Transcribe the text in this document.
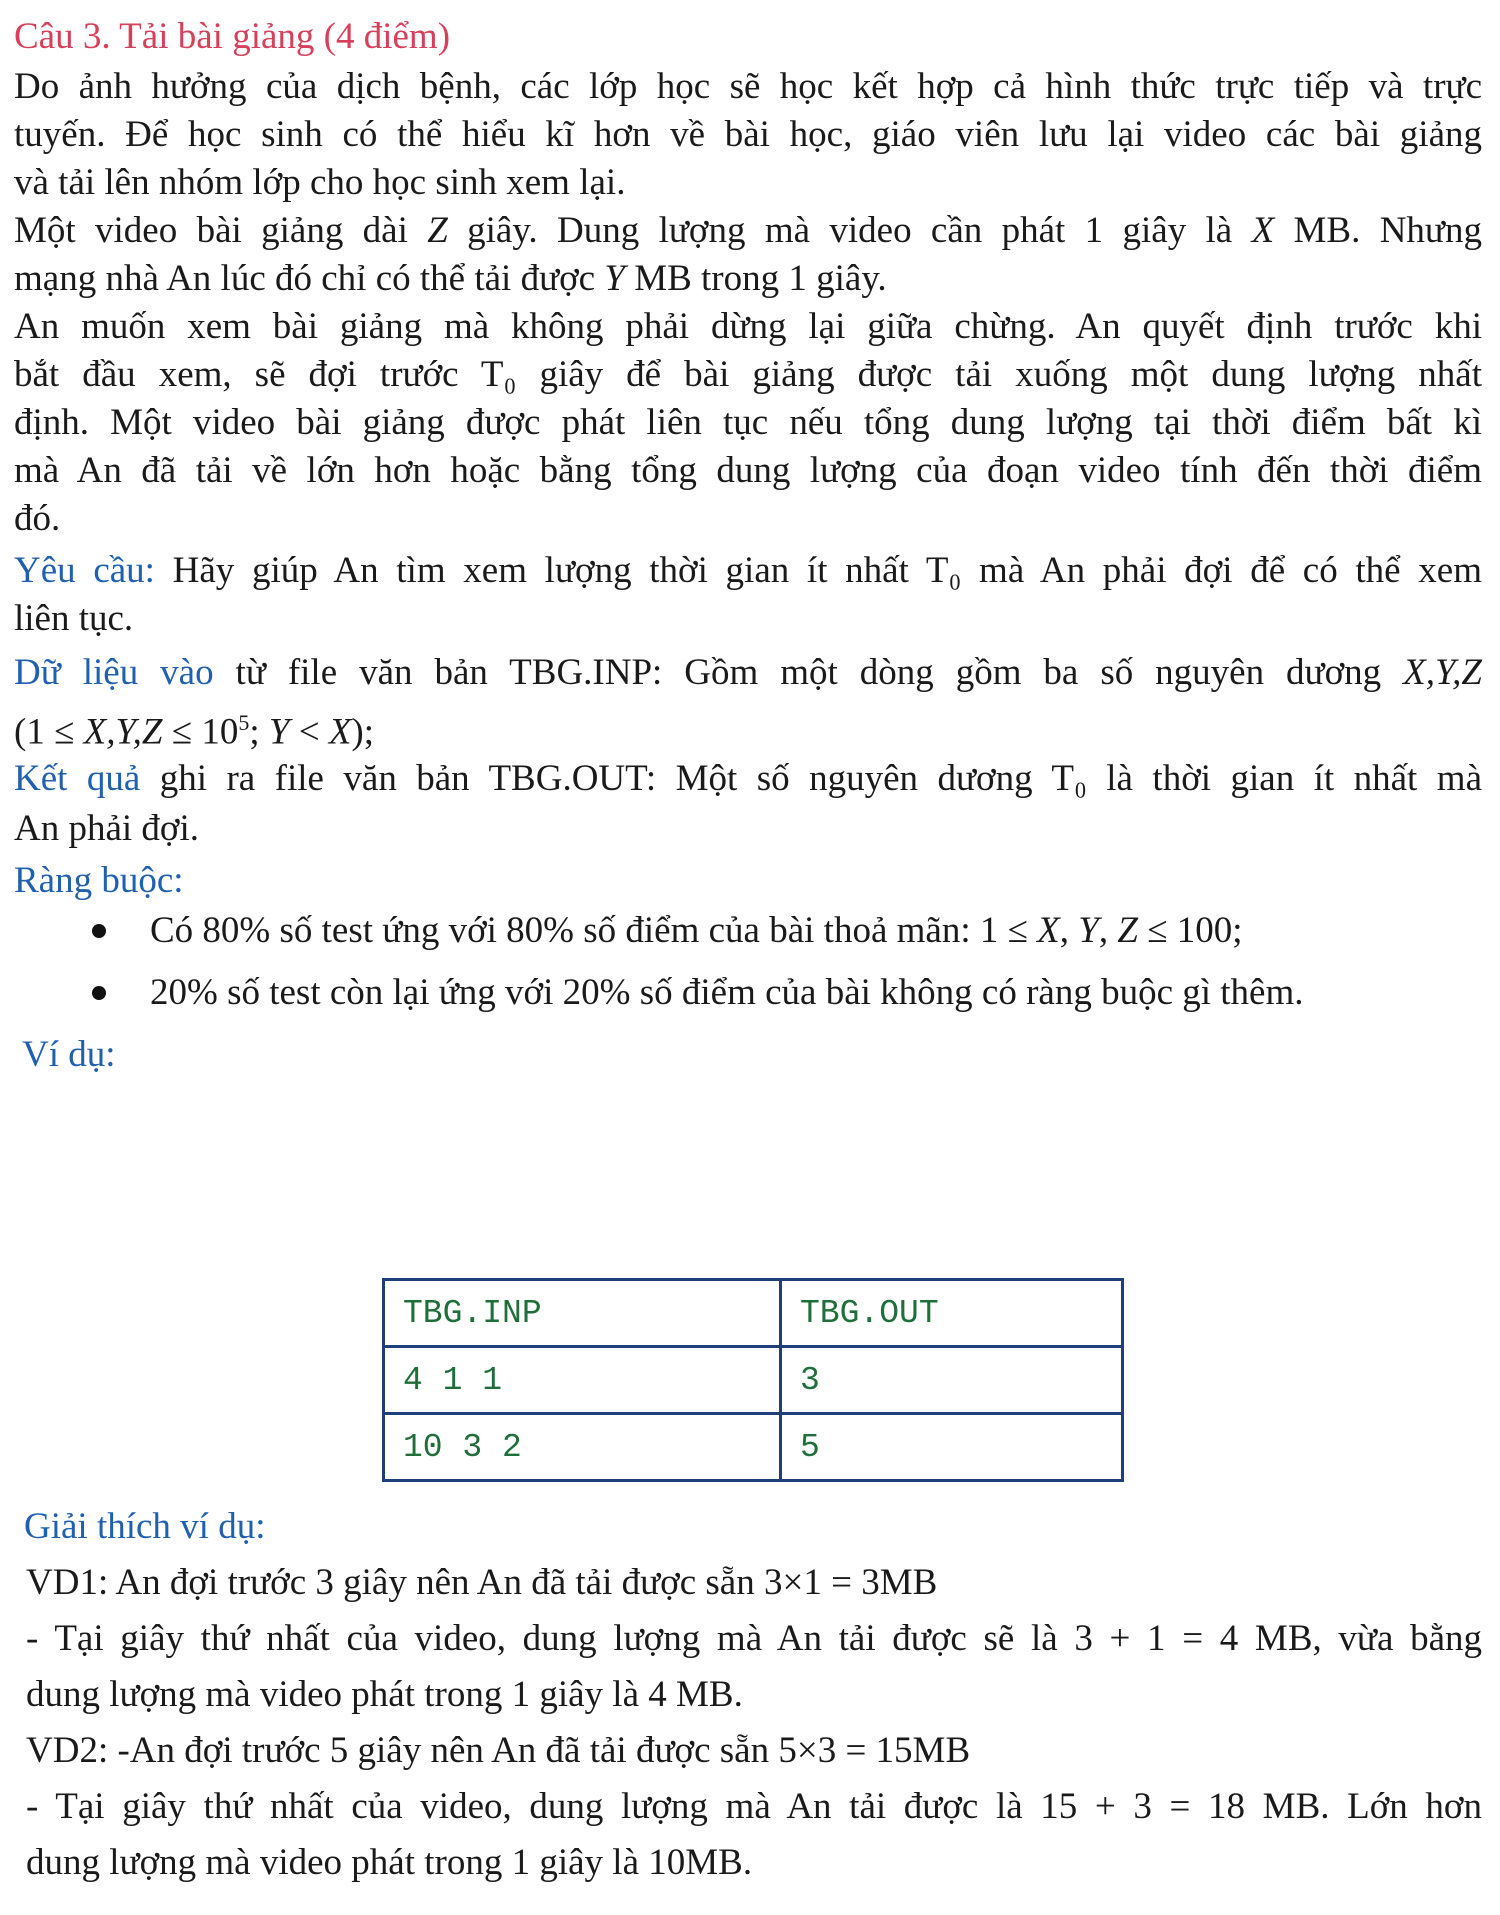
Câu 3. Tải bài giảng (4 điểm)
Do ảnh hưởng của dịch bệnh, các lớp học sẽ học kết hợp cả hình thức trực tiếp và trực
tuyến. Để học sinh có thể hiểu kĩ hơn về bài học, giáo viên lưu lại video các bài giảng
và tải lên nhóm lớp cho học sinh xem lại.
Một video bài giảng dài Z giây. Dung lượng mà video cần phát 1 giây là X MB. Nhưng
mạng nhà An lúc đó chỉ có thể tải được Y MB trong 1 giây.
An muốn xem bài giảng mà không phải dừng lại giữa chừng. An quyết định trước khi
bắt đầu xem, sẽ đợi trước T₀ giây để bài giảng được tải xuống một dung lượng nhất
định. Một video bài giảng được phát liên tục nếu tổng dung lượng tại thời điểm bất kì
mà An đã tải về lớn hơn hoặc bằng tổng dung lượng của đoạn video tính đến thời điểm
đó.
Yêu cầu: Hãy giúp An tìm xem lượng thời gian ít nhất T₀ mà An phải đợi để có thể xem
liên tục.
Dữ liệu vào từ file văn bản TBG.INP: Gồm một dòng gồm ba số nguyên dương X,Y,Z
($1 \le X,Y,Z \le 10^5$; Y < X);
Kết quả ghi ra file văn bản TBG.OUT: Một số nguyên dương T₀ là thời gian ít nhất mà
An phải đợi.
Ràng buộc:
Có 80% số test ứng với 80% số điểm của bài thoả mãn: 1 ≤ X, Y, Z ≤ 100;
20% số test còn lại ứng với 20% số điểm của bài không có ràng buộc gì thêm.
Ví dụ:
TBG.INP	TBG.OUT
4 1 1	3
10 3 2	5
Giải thích ví dụ:
VD1: An đợi trước 3 giây nên An đã tải được sẵn 3×1 = 3MB
- Tại giây thứ nhất của video, dung lượng mà An tải được sẽ là 3 + 1 = 4 MB, vừa bằng
dung lượng mà video phát trong 1 giây là 4 MB.
VD2: -An đợi trước 5 giây nên An đã tải được sẵn 5×3 = 15MB
- Tại giây thứ nhất của video, dung lượng mà An tải được là 15 + 3 = 18 MB. Lớn hơn
dung lượng mà video phát trong 1 giây là 10MB.
